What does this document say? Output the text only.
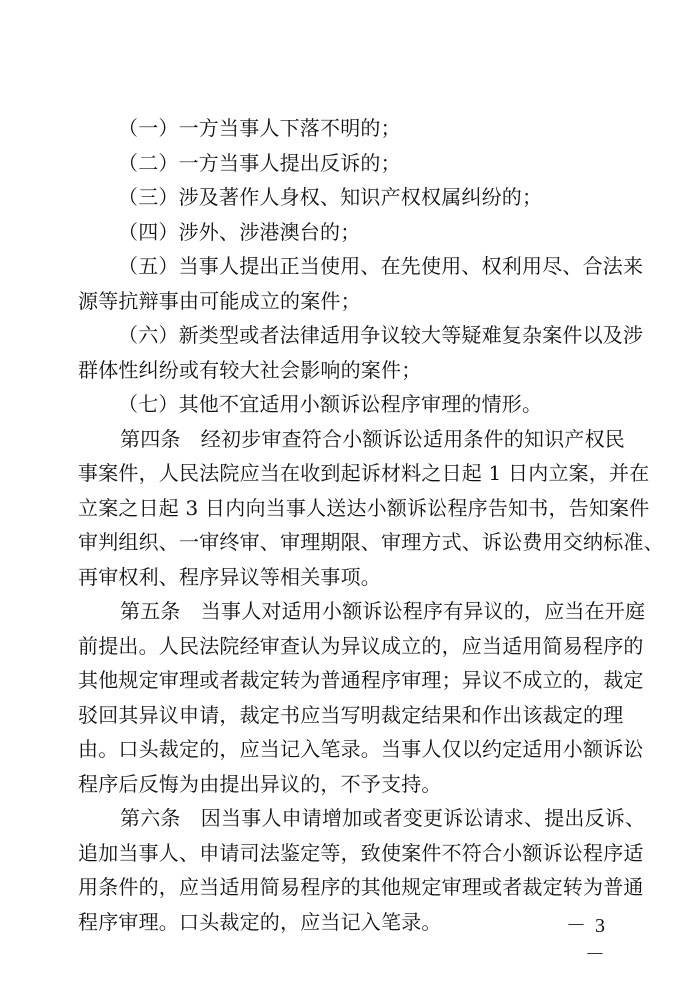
（一）一方当事人下落不明的；
（二）一方当事人提出反诉的；
（三）涉及著作人身权、知识产权权属纠纷的；
（四）涉外、涉港澳台的；
（五）当事人提出正当使用、在先使用、权利用尽、合法来
源等抗辩事由可能成立的案件；
（六）新类型或者法律适用争议较大等疑难复杂案件以及涉
群体性纠纷或有较大社会影响的案件；
（七）其他不宜适用小额诉讼程序审理的情形。
第四条　经初步审查符合小额诉讼适用条件的知识产权民
事案件，人民法院应当在收到起诉材料之日起 1 日内立案，并在
立案之日起 3 日内向当事人送达小额诉讼程序告知书，告知案件
审判组织、一审终审、审理期限、审理方式、诉讼费用交纳标准、
再审权利、程序异议等相关事项。
第五条　当事人对适用小额诉讼程序有异议的，应当在开庭
前提出。人民法院经审查认为异议成立的，应当适用简易程序的
其他规定审理或者裁定转为普通程序审理；异议不成立的，裁定
驳回其异议申请，裁定书应当写明裁定结果和作出该裁定的理
由。口头裁定的，应当记入笔录。当事人仅以约定适用小额诉讼
程序后反悔为由提出异议的，不予支持。
第六条　因当事人申请增加或者变更诉讼请求、提出反诉、
追加当事人、申请司法鉴定等，致使案件不符合小额诉讼程序适
用条件的，应当适用简易程序的其他规定审理或者裁定转为普通
程序审理。口头裁定的，应当记入笔录。	－ 3 －
